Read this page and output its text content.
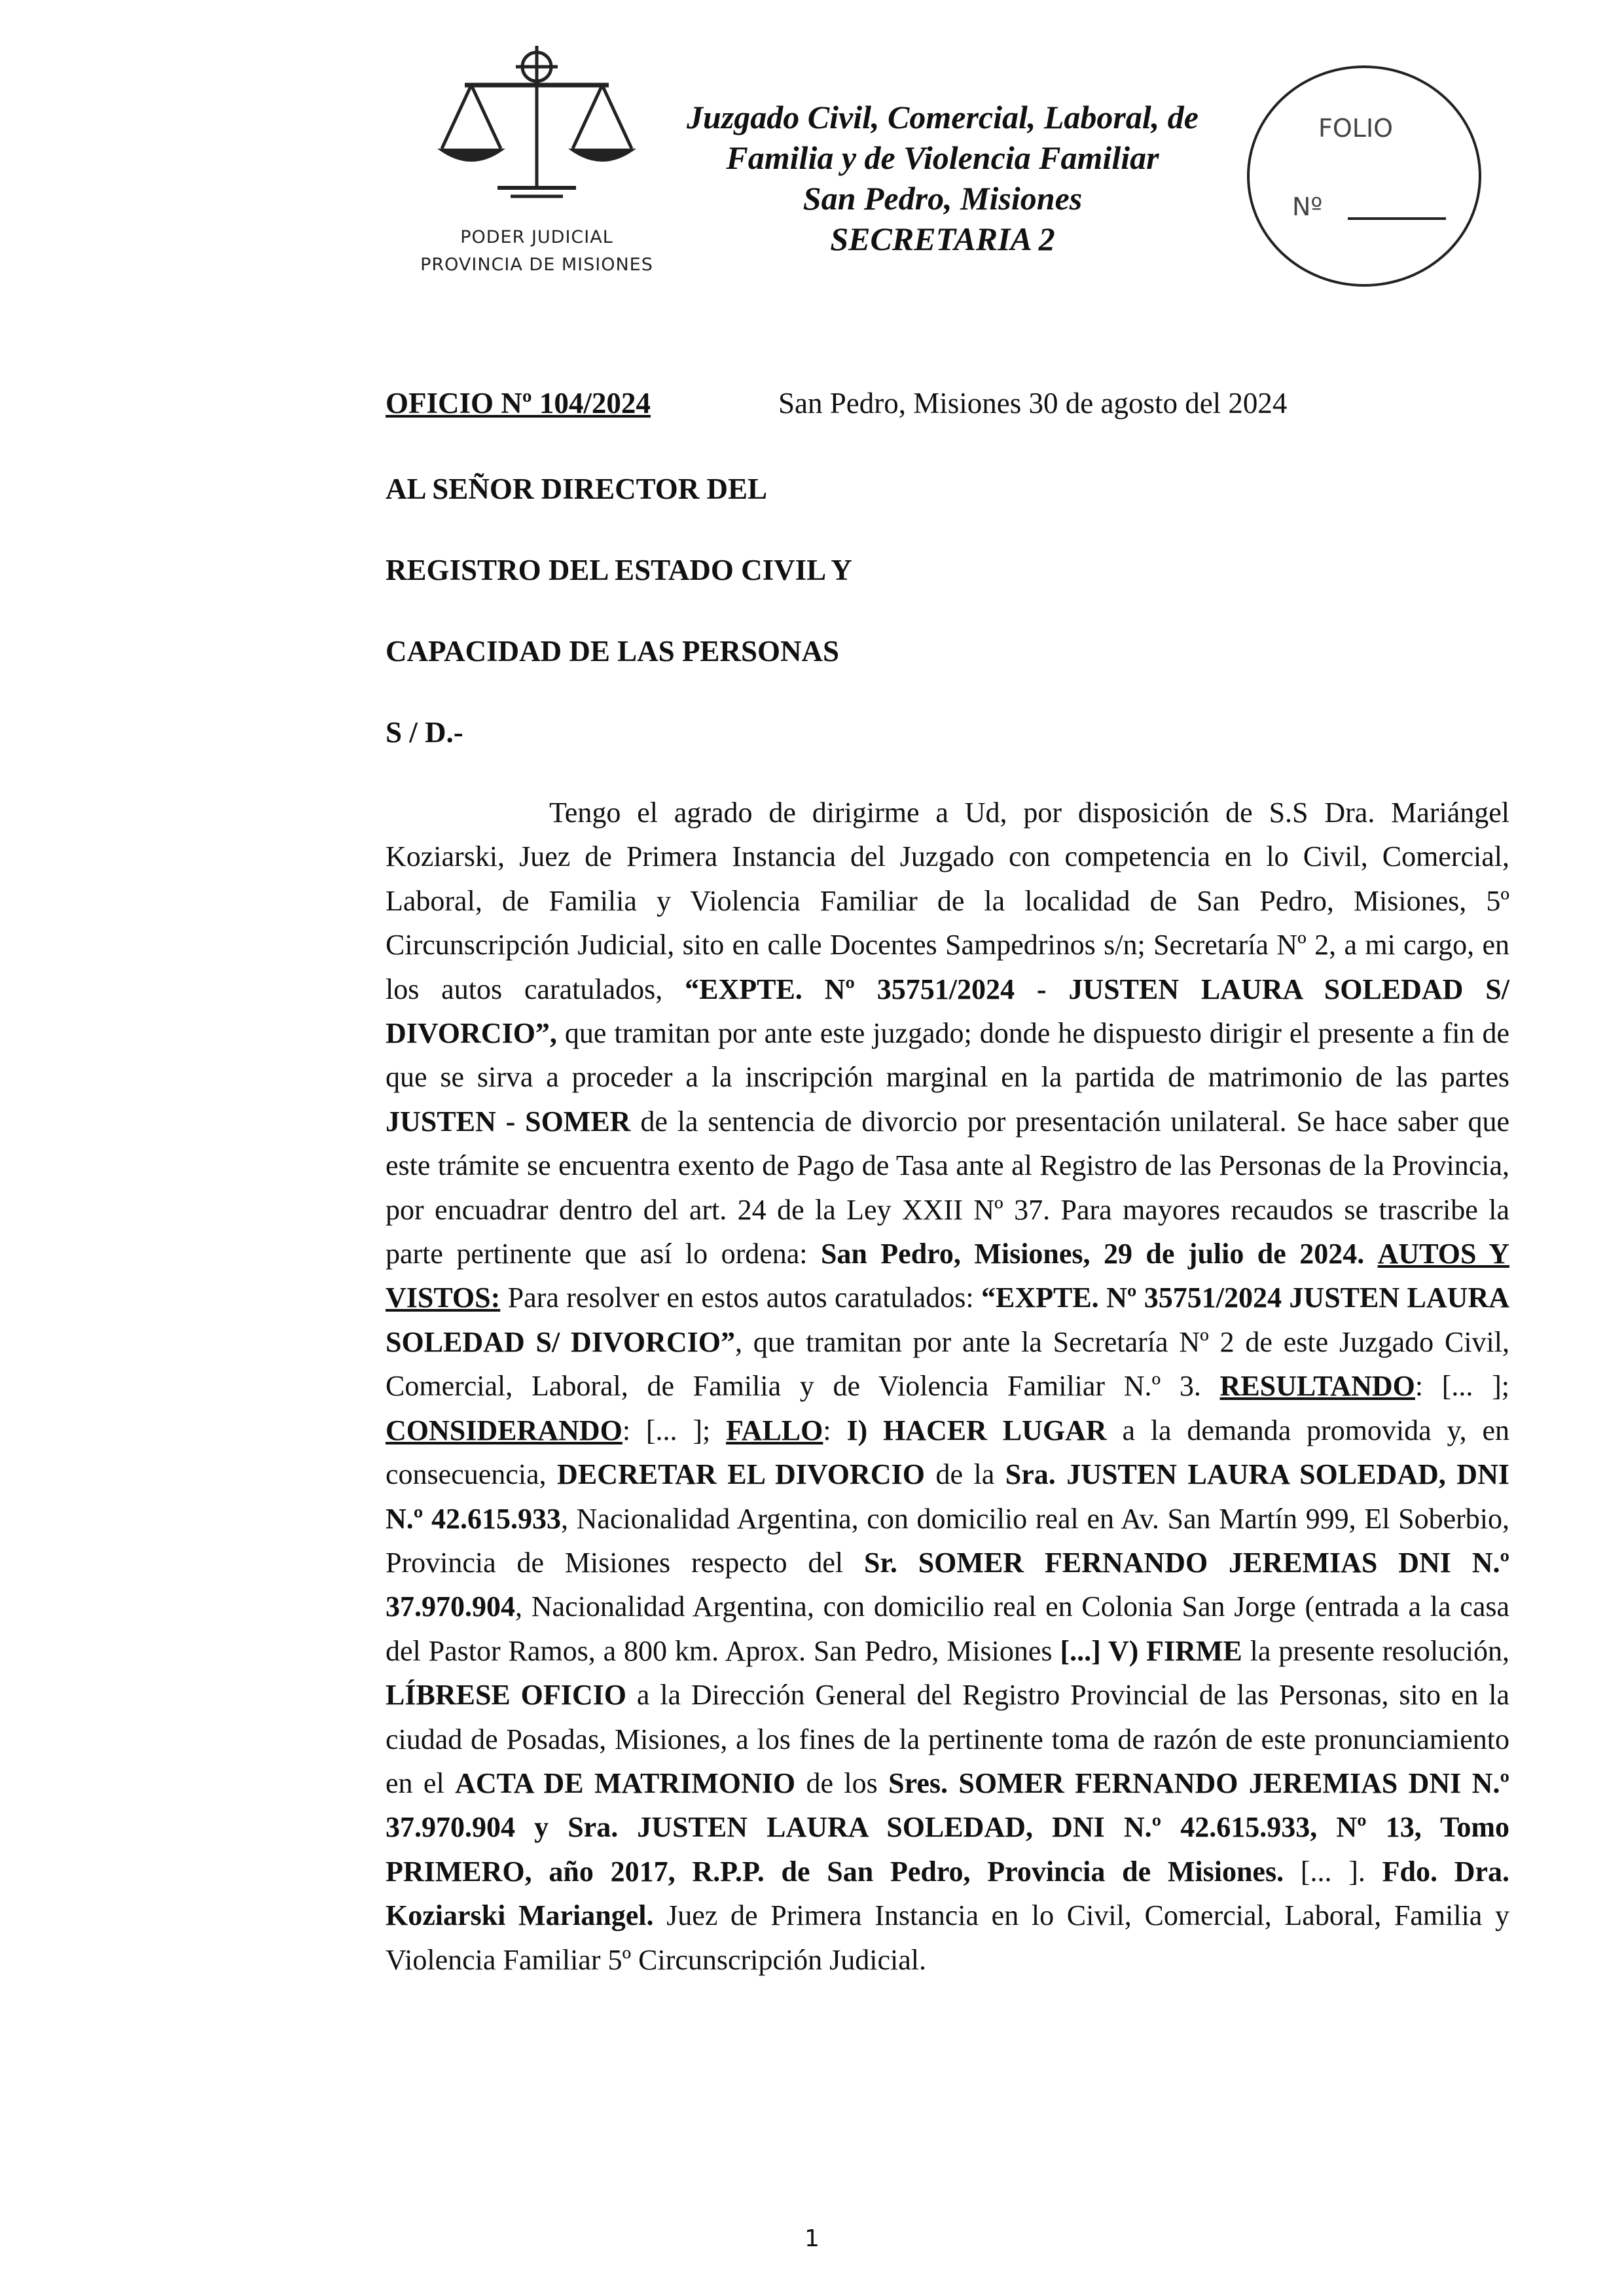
PODER JUDICIAL
PROVINCIA DE MISIONES
Juzgado Civil, Comercial, Laboral, de
Familia y de Violencia Familiar
San Pedro, Misiones
SECRETARIA 2
FOLIO
Nº
OFICIO Nº 104/2024	San Pedro, Misiones 30 de agosto del 2024
AL SEÑOR DIRECTOR DEL
REGISTRO DEL ESTADO CIVIL Y
CAPACIDAD DE LAS PERSONAS
S / D.-
Tengo el agrado de dirigirme a Ud, por disposición de S.S Dra. Mariángel Koziarski, Juez de Primera Instancia del Juzgado con competencia en lo Civil, Comercial, Laboral, de Familia y Violencia Familiar de la localidad de San Pedro, Misiones, 5º Circunscripción Judicial, sito en calle Docentes Sampedrinos s/n; Secretaría Nº 2, a mi cargo, en los autos caratulados, “EXPTE. Nº 35751/2024 - JUSTEN LAURA SOLEDAD S/ DIVORCIO”, que tramitan por ante este juzgado; donde he dispuesto dirigir el presente a fin de que se sirva a proceder a la inscripción marginal en la partida de matrimonio de las partes JUSTEN - SOMER de la sentencia de divorcio por presentación unilateral. Se hace saber que este trámite se encuentra exento de Pago de Tasa ante al Registro de las Personas de la Provincia, por encuadrar dentro del art. 24 de la Ley XXII Nº 37. Para mayores recaudos se trascribe la parte pertinente que así lo ordena: San Pedro, Misiones, 29 de julio de 2024. AUTOS Y VISTOS: Para resolver en estos autos caratulados: “EXPTE. Nº 35751/2024 JUSTEN LAURA SOLEDAD S/ DIVORCIO”, que tramitan por ante la Secretaría Nº 2 de este Juzgado Civil, Comercial, Laboral, de Familia y de Violencia Familiar N.º 3. RESULTANDO: [... ]; CONSIDERANDO: [... ]; FALLO: I) HACER LUGAR a la demanda promovida y, en consecuencia, DECRETAR EL DIVORCIO de la Sra. JUSTEN LAURA SOLEDAD, DNI N.º 42.615.933, Nacionalidad Argentina, con domicilio real en Av. San Martín 999, El Soberbio, Provincia de Misiones respecto del Sr. SOMER FERNANDO JEREMIAS DNI N.º 37.970.904, Nacionalidad Argentina, con domicilio real en Colonia San Jorge (entrada a la casa del Pastor Ramos, a 800 km. Aprox. San Pedro, Misiones [...] V) FIRME la presente resolución, LÍBRESE OFICIO a la Dirección General del Registro Provincial de las Personas, sito en la ciudad de Posadas, Misiones, a los fines de la pertinente toma de razón de este pronunciamiento en el ACTA DE MATRIMONIO de los Sres. SOMER FERNANDO JEREMIAS DNI N.º 37.970.904 y Sra. JUSTEN LAURA SOLEDAD, DNI N.º 42.615.933, Nº 13, Tomo PRIMERO, año 2017, R.P.P. de San Pedro, Provincia de Misiones. [... ]. Fdo. Dra. Koziarski Mariangel. Juez de Primera Instancia en lo Civil, Comercial, Laboral, Familia y Violencia Familiar 5º Circunscripción Judicial.
1
